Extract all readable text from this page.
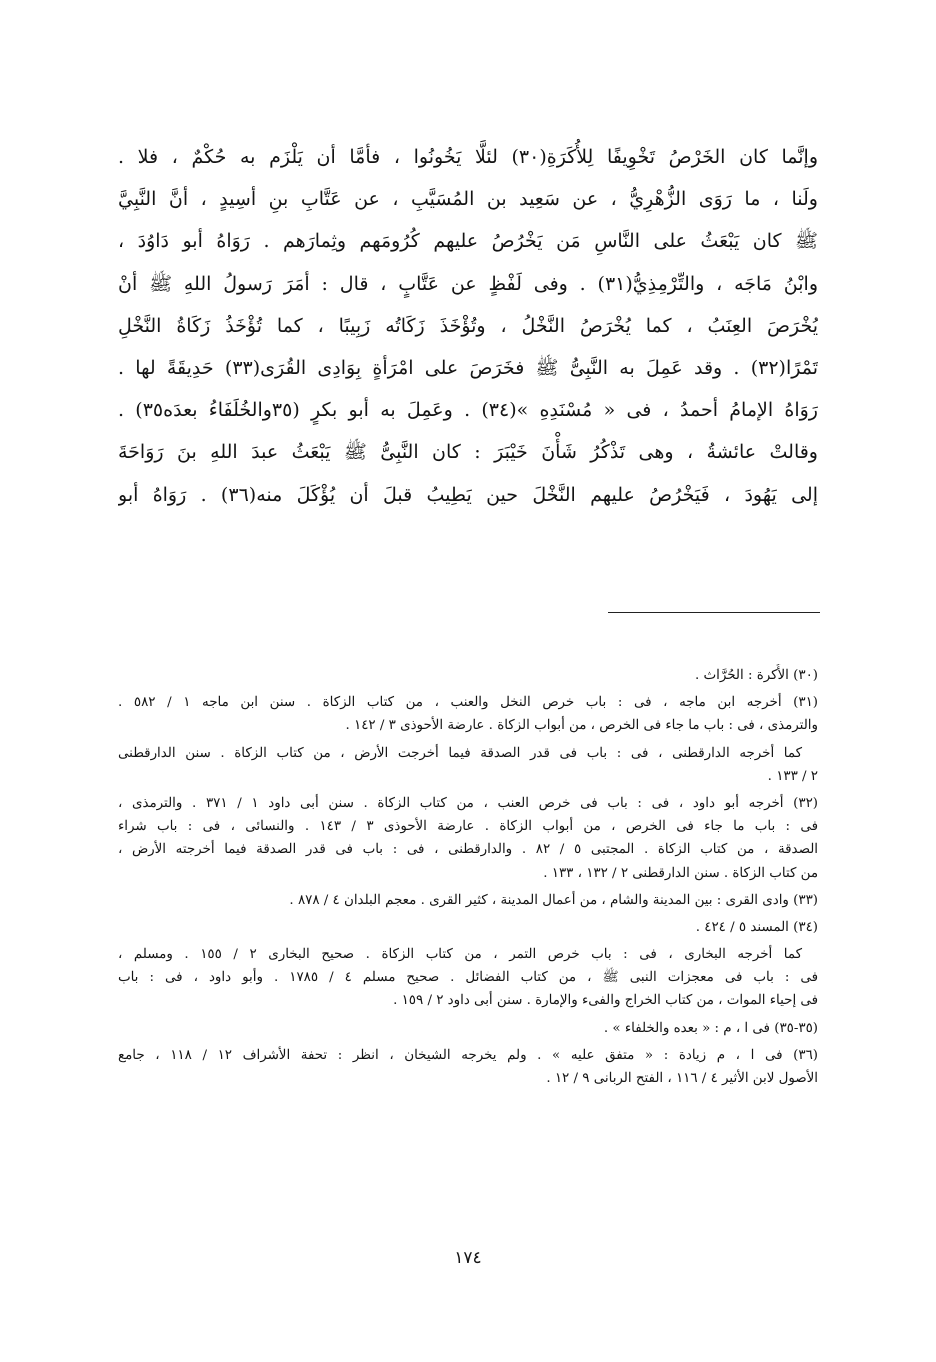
وإنَّما كان الخَرْصُ تَخْوِيفًا لِلأُكَرَةِ(٣٠) لئلَّا يَخُونُوا ، فأمَّا أن يَلْزَم به حُكْمٌ ، فلا .
ولَنا ، ما رَوَى الزُّهْرِيُّ ، عن سَعِيد بن المُسَيَّبِ ، عن عَتَّابِ بنِ أسِيدٍ ، أنَّ النَّبِيَّ
ﷺ كان يَبْعَثُ على النَّاسِ مَن يَخْرُصُ عليهم كُرُومَهم وثِمارَهم . رَوَاهُ أبو دَاوُدَ ،
وابْنُ مَاجَه ، والتِّرْمِذِيُّ(٣١) . وفى لَفْظٍ عن عَتَّابٍ ، قال : أمَرَ رَسولُ اللهِ ﷺ أنْ
يُخْرَصَ العِنَبُ ، كما يُخْرَصُ النَّخْلُ ، وتُؤْخَذَ زَكَاتُه زَبِيبًا ، كما تُؤْخَذُ زَكَاةُ النَّخْلِ
تَمْرًا(٣٢) . وقد عَمِلَ به النَّبِىُّ ﷺ فخَرَصَ على امْرَأةٍ بِوَادِى القُرَى(٣٣) حَدِيقَةً لها .
رَوَاهُ الإمامُ أحمدُ ، فى « مُسْنَدِهِ »(٣٤) . وعَمِلَ به أبو بكرٍ (٣٥والخُلَفَاءُ بعدَه٣٥) .
وقالتْ عائشةُ ، وهى تَذْكُرُ شَأْنَ خَيْبَرَ : كان النَّبِىُّ ﷺ يَبْعَثُ عبدَ اللهِ بنَ رَوَاحَةَ
إلى يَهُودَ ، فَيَخْرُصُ عليهم النَّخْلَ حين يَطِيبُ قبلَ أن يُؤْكَلَ منه(٣٦) . رَوَاهُ أبو
(٣٠) الأُكرة : الحُرَّاث .
(٣١) أخرجه ابن ماجه ، فى : باب خرص النخل والعنب ، من كتاب الزكاة . سنن ابن ماجه ١ / ٥٨٢ .
والترمذى ، فى : باب ما جاء فى الخرص ، من أبواب الزكاة . عارضة الأحوذى ٣ / ١٤٢ .
كما أخرجه الدارقطنى ، فى : باب فى قدر الصدقة فيما أخرجت الأرض ، من كتاب الزكاة . سنن الدارقطنى
٢ / ١٣٣ .
(٣٢) أخرجه أبو داود ، فى : باب فى خرص العنب ، من كتاب الزكاة . سنن أبى داود ١ / ٣٧١ . والترمذى ،
فى : باب ما جاء فى الخرص ، من أبواب الزكاة . عارضة الأحوذى ٣ / ١٤٣ . والنسائى ، فى : باب شراء
الصدقة ، من كتاب الزكاة . المجتبى ٥ / ٨٢ . والدارقطنى ، فى : باب فى قدر الصدقة فيما أخرجته الأرض ،
من كتاب الزكاة . سنن الدارقطنى ٢ / ١٣٢ ، ١٣٣ .
(٣٣) وادى القرى : بين المدينة والشام ، من أعمال المدينة ، كثير القرى . معجم البلدان ٤ / ٨٧٨ .
(٣٤) المسند ٥ / ٤٢٤ .
كما أخرجه البخارى ، فى : باب خرص التمر ، من كتاب الزكاة . صحيح البخارى ٢ / ١٥٥ . ومسلم ،
فى : باب فى معجزات النبى ﷺ ، من كتاب الفضائل . صحيح مسلم ٤ / ١٧٨٥ . وأبو داود ، فى : باب
فى إحياء الموات ، من كتاب الخراج والفىء والإمارة . سنن أبى داود ٢ / ١٥٩ .
(٣٥-٣٥) فى ا ، م : « بعده والخلفاء » .
(٣٦) فى ا ، م زيادة : « متفق عليه » . ولم يخرجه الشيخان ، انظر : تحفة الأشراف ١٢ / ١١٨ ، جامع
الأصول لابن الأثير ٤ / ١١٦ ، الفتح الربانى ٩ / ١٢ .
١٧٤
